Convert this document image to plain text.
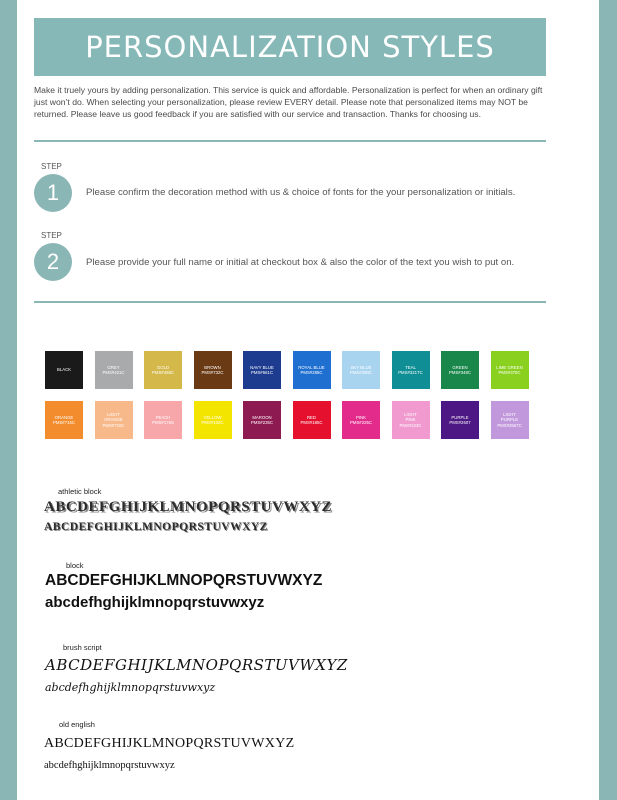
PERSONALIZATION STYLES
Make it truely yours by adding personalization. This service is quick and affordable. Personalization is perfect for when an ordinary gift just won’t do. When selecting your personalization, please review EVERY detail. Please note that personalized items may NOT be returned. Please leave us good feedback if you are satisfied with our service and transaction. Thanks for choosing us.
STEP
1	Please confirm the decoration method with us & choice of fonts for the your personalization or initials.
STEP
2	Please provide your full name or initial at checkout box & also the color of the text you wish to put on.
BLACK
GREY
PMS#421C
GOLD
PMS#458C
BROWN
PMS#732C
NAVY BLUE
PMS#661C
ROYAL BLUE
PMS#285C
SKY BLUE
PMS#290C
TEAL
PMS#321TC
GREEN
PMS#348C
LIME GREEN
PMS#375C
ORANGE
PMS#715C
LIGHT
ORANGE
PMS#715C
PEACH
PMS#176S
YELLOW
PMS#102C
MAROON
PMS#235C
RED
PMS#185C
PINK
PMS#225C
LIGHT
PINK
PMS#223C
PURPLE
PMS#2607
LIGHT
PURPLE
PMS#2567C
athletic block
ABCDEFGHIJKLMNOPQRSTUVWXYZ
ABCDEFGHIJKLMNOPQRSTUVWXYZ
block
ABCDEFGHIJKLMNOPQRSTUVWXYZ
abcdefhghijklmnopqrstuvwxyz
brush script
ABCDEFGHIJKLMNOPQRSTUVWXYZ
abcdefhghijklmnopqrstuvwxyz
old english
ABCDEFGHIJKLMNOPQRSTUVWXYZ
abcdefhghijklmnopqrstuvwxyz
